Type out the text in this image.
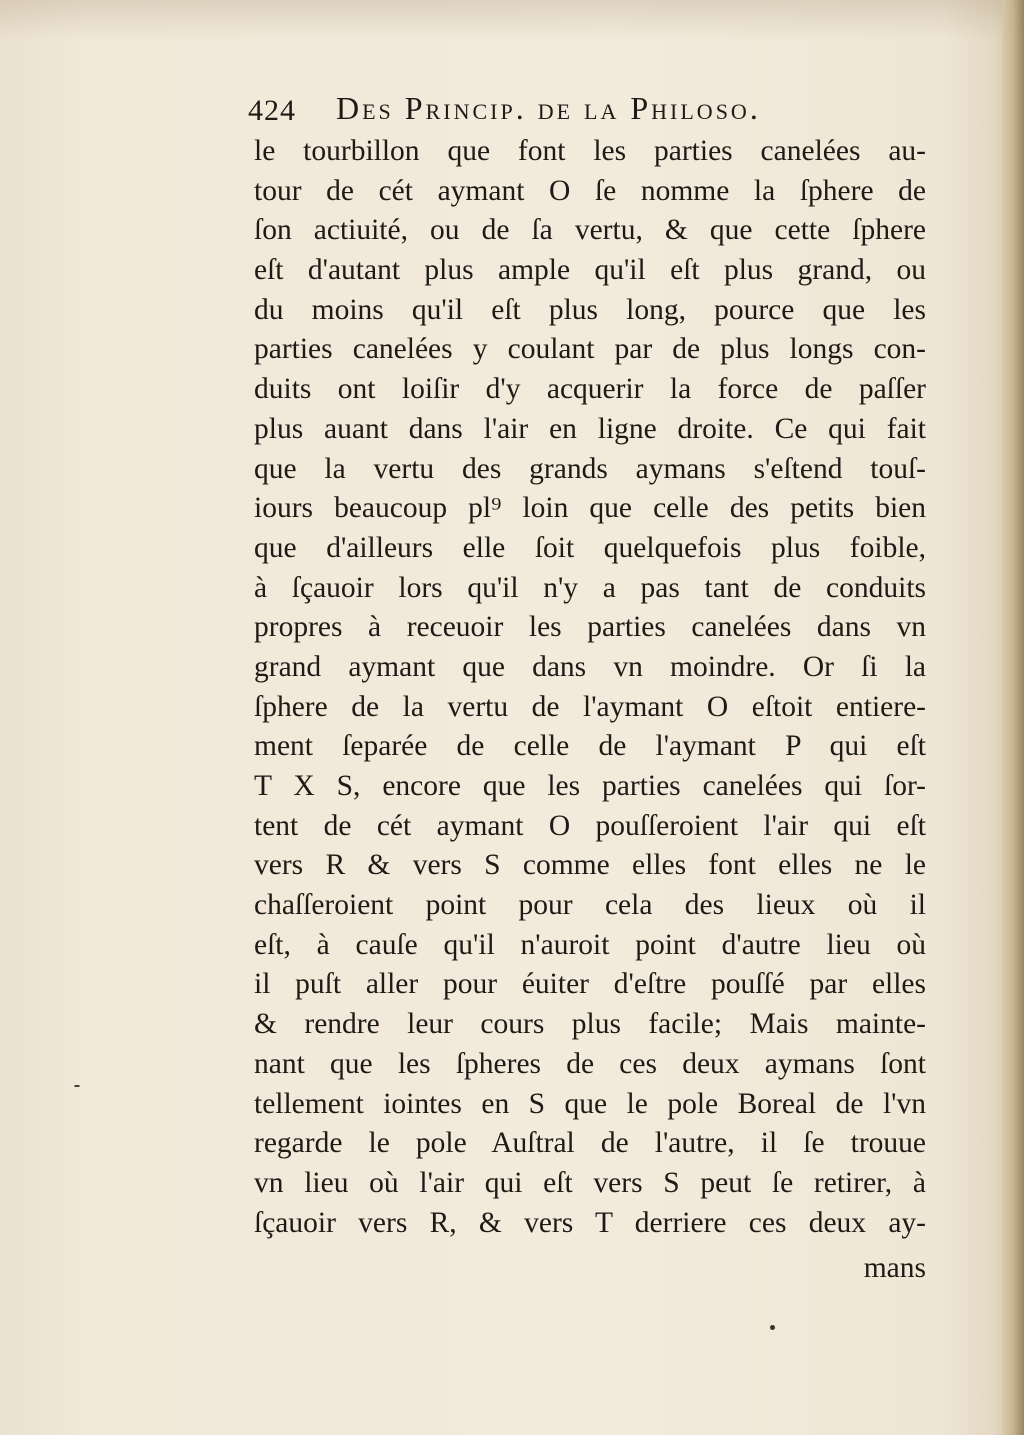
424 Des Princip. de la Philoso.
le tourbillon que font les parties canelées au-
tour de cét aymant O ſe nomme la ſphere de
ſon actiuité, ou de ſa vertu, & que cette ſphere
eſt d'autant plus ample qu'il eſt plus grand, ou
du moins qu'il eſt plus long, pource que les
parties canelées y coulant par de plus longs con-
duits ont loiſir d'y acquerir la force de paſſer
plus auant dans l'air en ligne droite. Ce qui fait
que la vertu des grands aymans s'eſtend touſ-
iours beaucoup pl⁹ loin que celle des petits bien
que d'ailleurs elle ſoit quelquefois plus foible,
à ſçauoir lors qu'il n'y a pas tant de conduits
propres à receuoir les parties canelées dans vn
grand aymant que dans vn moindre. Or ſi la
ſphere de la vertu de l'aymant O eſtoit entiere-
ment ſeparée de celle de l'aymant P qui eſt
T X S, encore que les parties canelées qui ſor-
tent de cét aymant O pouſſeroient l'air qui eſt
vers R & vers S comme elles font elles ne le
chaſſeroient point pour cela des lieux où il
eſt, à cauſe qu'il n'auroit point d'autre lieu où
il puſt aller pour éuiter d'eſtre pouſſé par elles
& rendre leur cours plus facile; Mais mainte-
nant que les ſpheres de ces deux aymans ſont
tellement iointes en S que le pole Boreal de l'vn
regarde le pole Auſtral de l'autre, il ſe trouue
vn lieu où l'air qui eſt vers S peut ſe retirer, à
ſçauoir vers R, & vers T derriere ces deux ay-
mans
